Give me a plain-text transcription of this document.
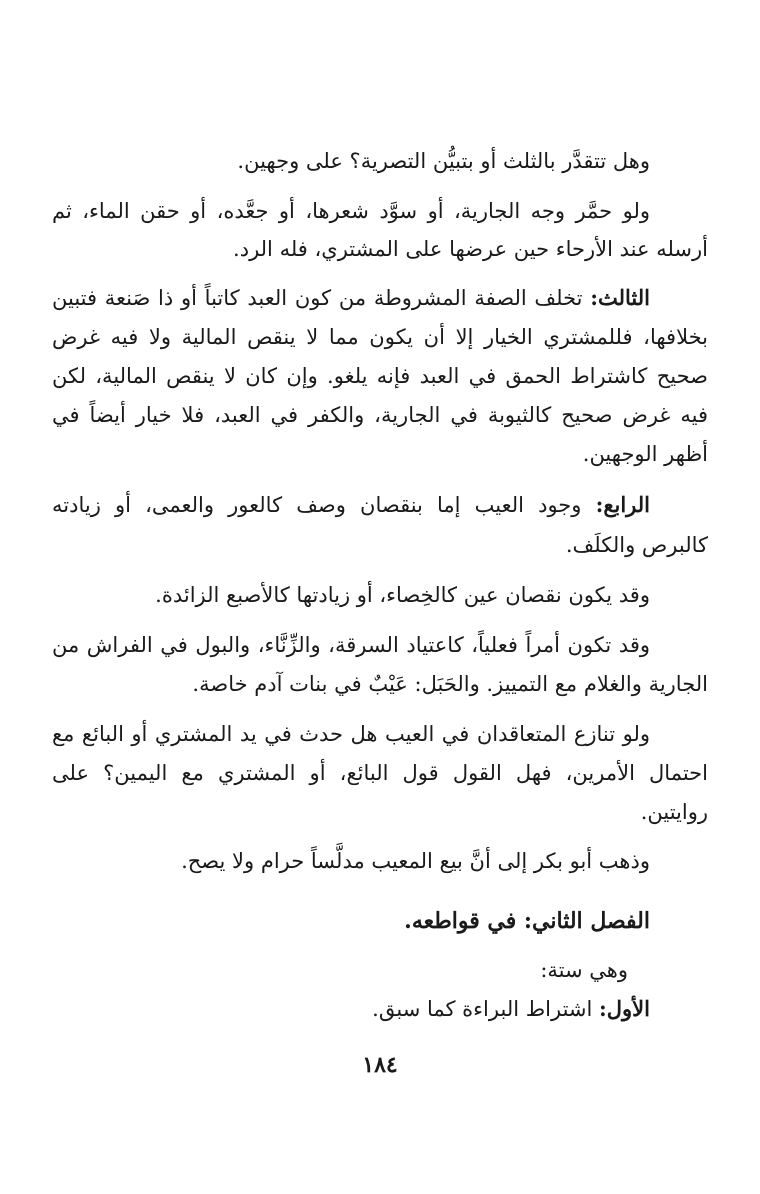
وهل تتقدَّر بالثلث أو بتبيُّن التصرية؟ على وجهين.
ولو حمَّر وجه الجارية، أو سوَّد شعرها، أو جعَّده، أو حقن الماء، ثم
أرسله عند الأرحاء حين عرضها على المشتري، فله الرد.
الثالث: تخلف الصفة المشروطة من كون العبد كاتباً أو ذا صَنعة فتبين
بخلافها، فللمشتري الخيار إلا أن يكون مما لا ينقص المالية ولا فيه غرض
صحيح كاشتراط الحمق في العبد فإنه يلغو. وإن كان لا ينقص المالية، لكن
فيه غرض صحيح كالثيوبة في الجارية، والكفر في العبد، فلا خيار أيضاً في
أظهر الوجهين.
الرابع: وجود العيب إما بنقصان وصف كالعور والعمى، أو زيادته
كالبرص والكلَف.
وقد يكون نقصان عين كالخِصاء، أو زيادتها كالأصبع الزائدة.
وقد تكون أمراً فعلياً، كاعتياد السرقة، والزِّنَّاء، والبول في الفراش من
الجارية والغلام مع التمييز. والحَبَل: عَيْبٌ في بنات آدم خاصة.
ولو تنازع المتعاقدان في العيب هل حدث في يد المشتري أو البائع مع
احتمال الأمرين، فهل القول قول البائع، أو المشتري مع اليمين؟ على
روايتين.
وذهب أبو بكر إلى أنَّ بيع المعيب مدلَّساً حرام ولا يصح.
الفصل الثاني: في قواطعه.
وهي ستة:
الأول: اشتراط البراءة كما سبق.
١٨٤
